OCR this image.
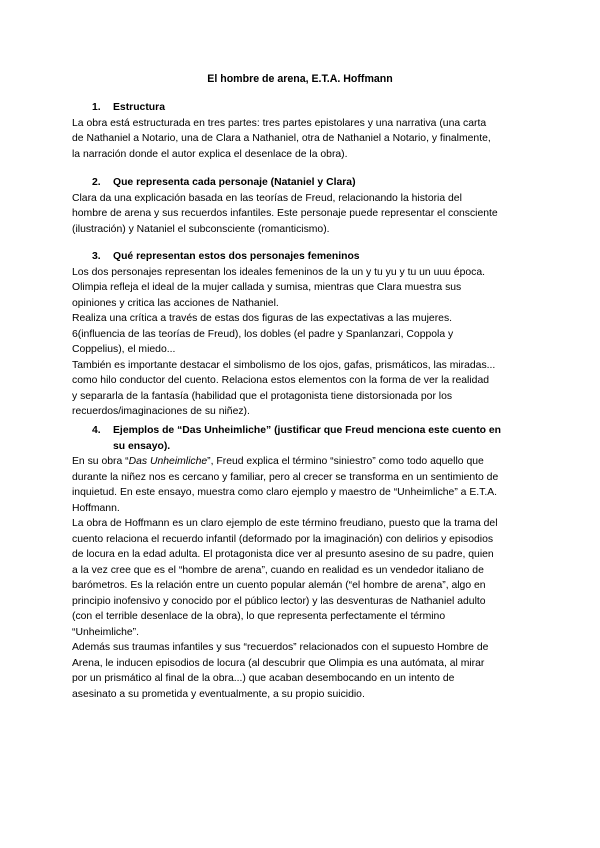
El hombre de arena, E.T.A. Hoffmann
1.	Estructura
La obra está estructurada en tres partes: tres partes epistolares y una narrativa (una carta
de Nathaniel a Notario, una de Clara a Nathaniel, otra de Nathaniel a Notario, y finalmente,
la narración donde el autor explica el desenlace de la obra).
2.	Que representa cada personaje (Nataniel y Clara)
Clara da una explicación basada en las teorías de Freud, relacionando la historia del
hombre de arena y sus recuerdos infantiles. Este personaje puede representar el consciente
(ilustración) y Nataniel el subconsciente (romanticismo).
3.	Qué representan estos dos personajes femeninos
Los dos personajes representan los ideales femeninos de la un y tu yu y tu un uuu época.
Olimpia refleja el ideal de la mujer callada y sumisa, mientras que Clara muestra sus
opiniones y critica las acciones de Nathaniel.
Realiza una crítica a través de estas dos figuras de las expectativas a las mujeres.
6(influencia de las teorías de Freud), los dobles (el padre y Spanlanzari, Coppola y
Coppelius), el miedo...
También es importante destacar el simbolismo de los ojos, gafas, prismáticos, las miradas...
como hilo conductor del cuento. Relaciona estos elementos con la forma de ver la realidad
y separarla de la fantasía (habilidad que el protagonista tiene distorsionada por los
recuerdos/imaginaciones de su niñez).
4.	Ejemplos de “Das Unheimliche” (justificar que Freud menciona este cuento en
su ensayo).
En su obra “Das Unheimliche”, Freud explica el término “siniestro” como todo aquello que
durante la niñez nos es cercano y familiar, pero al crecer se transforma en un sentimiento de
inquietud. En este ensayo, muestra como claro ejemplo y maestro de “Unheimliche” a E.T.A.
Hoffmann.
La obra de Hoffmann es un claro ejemplo de este término freudiano, puesto que la trama del
cuento relaciona el recuerdo infantil (deformado por la imaginación) con delirios y episodios
de locura en la edad adulta. El protagonista dice ver al presunto asesino de su padre, quien
a la vez cree que es el “hombre de arena”, cuando en realidad es un vendedor italiano de
barómetros. Es la relación entre un cuento popular alemán (“el hombre de arena”, algo en
principio inofensivo y conocido por el público lector) y las desventuras de Nathaniel adulto
(con el terrible desenlace de la obra), lo que representa perfectamente el término
“Unheimliche”.
Además sus traumas infantiles y sus “recuerdos” relacionados con el supuesto Hombre de
Arena, le inducen episodios de locura (al descubrir que Olimpia es una autómata, al mirar
por un prismático al final de la obra...) que acaban desembocando en un intento de
asesinato a su prometida y eventualmente, a su propio suicidio.
